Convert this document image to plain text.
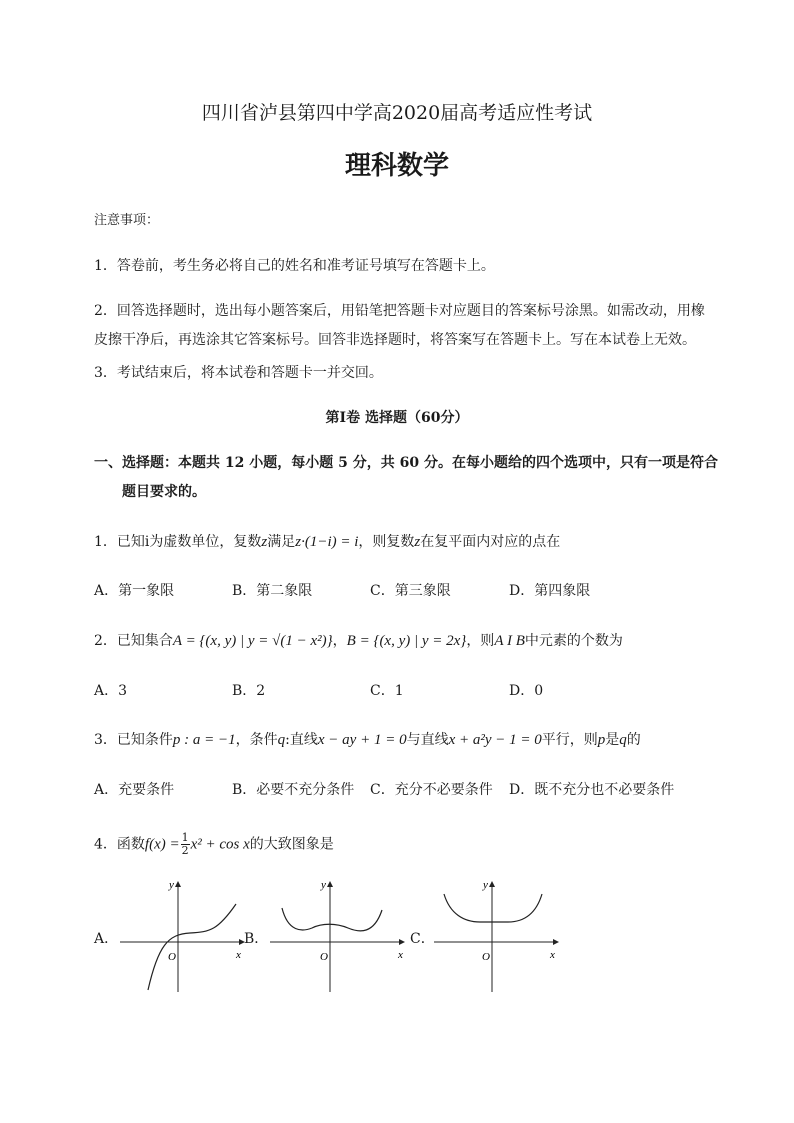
四川省泸县第四中学高2020届高考适应性考试
理科数学
注意事项：
1．答卷前，考生务必将自己的姓名和准考证号填写在答题卡上。
2．回答选择题时，选出每小题答案后，用铅笔把答题卡对应题目的答案标号涂黑。如需改动，用橡
皮擦干净后，再选涂其它答案标号。回答非选择题时，将答案写在答题卡上。写在本试卷上无效。
3．考试结束后，将本试卷和答题卡一并交回。
第Ⅰ卷 选择题（60分）
一、选择题：本题共 12 小题，每小题 5 分，共 60 分。在每小题给的四个选项中，只有一项是符合
题目要求的。
1．已知i为虚数单位，复数z满足z·(1−i) = i，则复数z在复平面内对应的点在
A．第一象限	B．第二象限	C．第三象限	D．第四象限
2．已知集合A = {(x, y) | y = √(1 − x²)}，B = {(x, y) | y = 2x}，则A I B中元素的个数为
A．3	B．2	C．1	D．0
3．已知条件p : a = −1，条件q:直线x − ay + 1 = 0与直线x + a²y − 1 = 0平行，则p是q的
A．充要条件	B．必要不充分条件 C．充分不必要条件 D．既不充分也不必要条件
4．函数$f(x) = \frac{1}{2} x^2 + \cos x$的大致图象是
A．	B．	C．
O	x
y
O	x
y
O	x
y
